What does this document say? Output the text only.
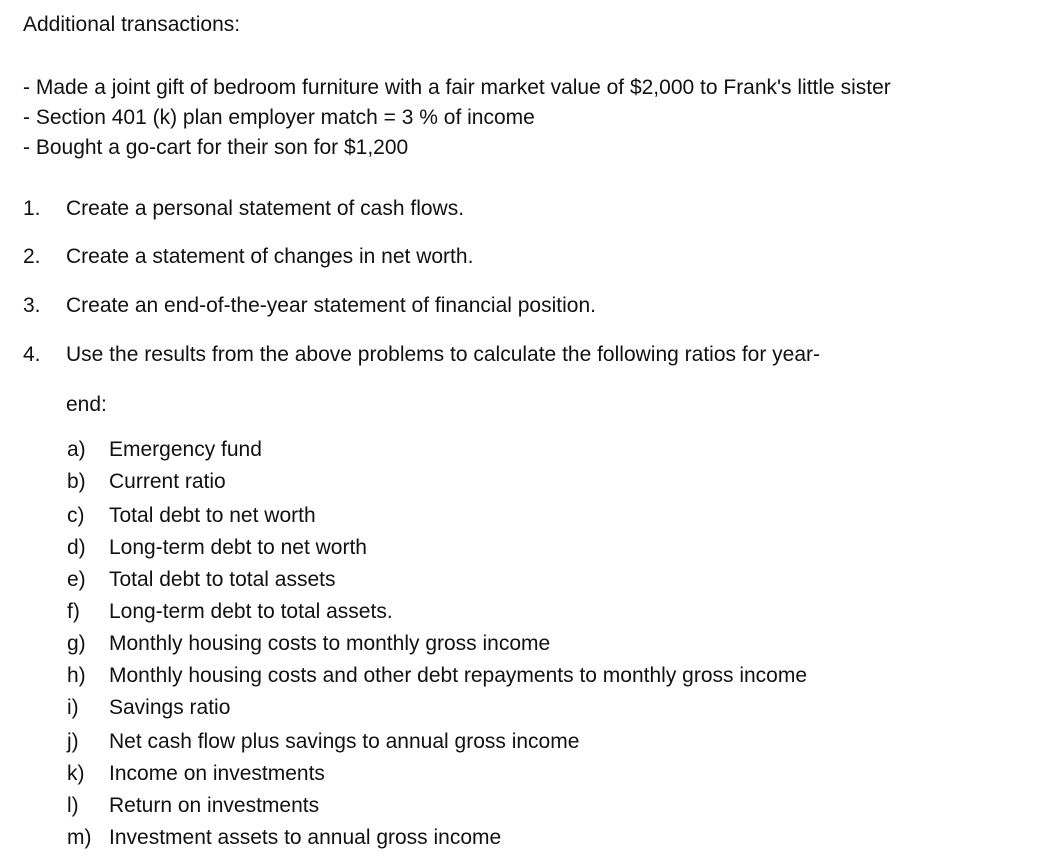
Additional transactions:
- Made a joint gift of bedroom furniture with a fair market value of $2,000 to Frank's little sister
- Section 401 (k) plan employer match = 3 % of income
- Bought a go-cart for their son for $1,200
1. Create a personal statement of cash flows.
2. Create a statement of changes in net worth.
3. Create an end-of-the-year statement of financial position.
4. Use the results from the above problems to calculate the following ratios for year-
end:
a) Emergency fund
b) Current ratio
c) Total debt to net worth
d) Long-term debt to net worth
e) Total debt to total assets
f) Long-term debt to total assets.
g) Monthly housing costs to monthly gross income
h) Monthly housing costs and other debt repayments to monthly gross income
i) Savings ratio
j) Net cash flow plus savings to annual gross income
k) Income on investments
l) Return on investments
m) Investment assets to annual gross income
